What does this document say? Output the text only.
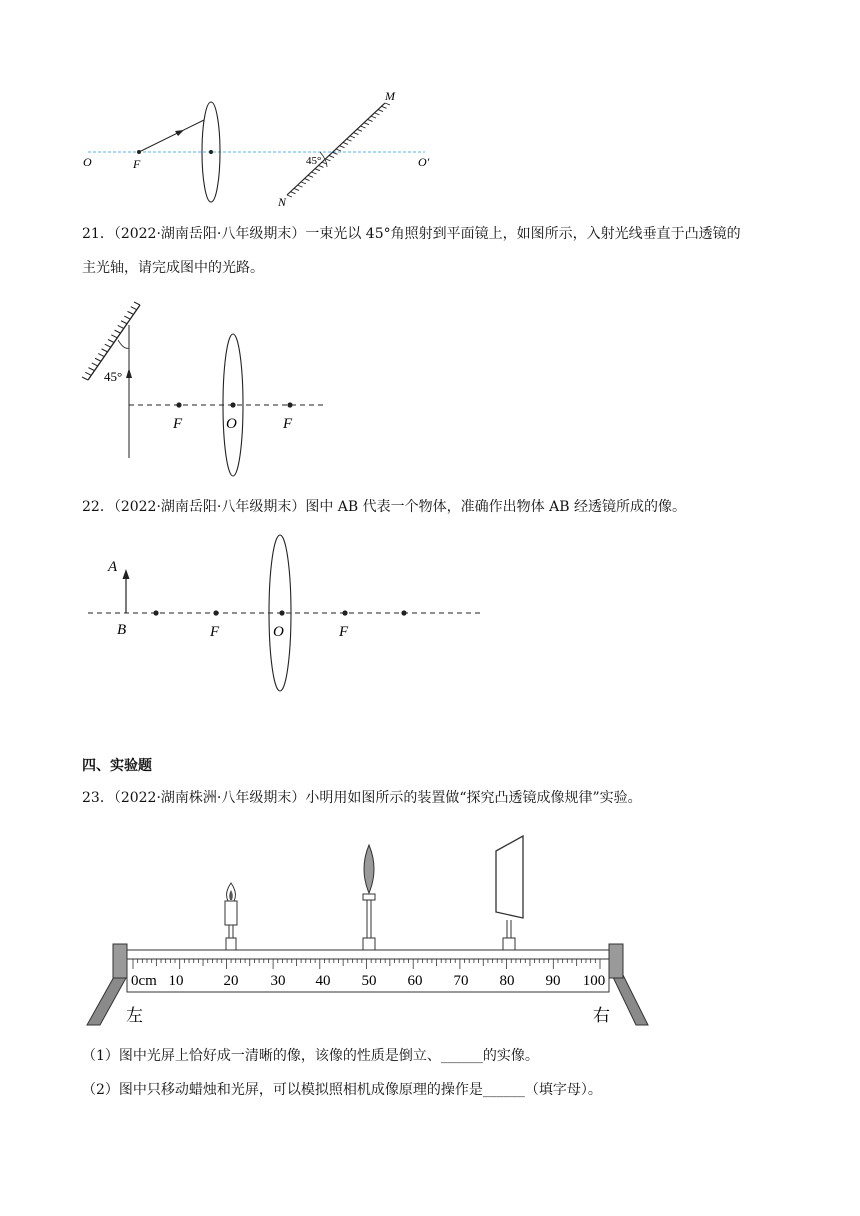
O	F
M
N
O′
45°
21．（2022·湖南岳阳·八年级期末）一束光以 45°角照射到平面镜上，如图所示，入射光线垂直于凸透镜的
主光轴，请完成图中的光路。
45°
F	O	F
22．（2022·湖南岳阳·八年级期末）图中 AB 代表一个物体，准确作出物体 AB 经透镜所成的像。
A
B	F	O	F
四、实验题
23．（2022·湖南株洲·八年级期末）小明用如图所示的装置做“探究凸透镜成像规律”实验。
0cm 10	20 30 40 50 60 70 80 90 100
左	右
（1）图中光屏上恰好成一清晰的像，该像的性质是倒立、______的实像。
（2）图中只移动蜡烛和光屏，可以模拟照相机成像原理的操作是______（填字母）。
